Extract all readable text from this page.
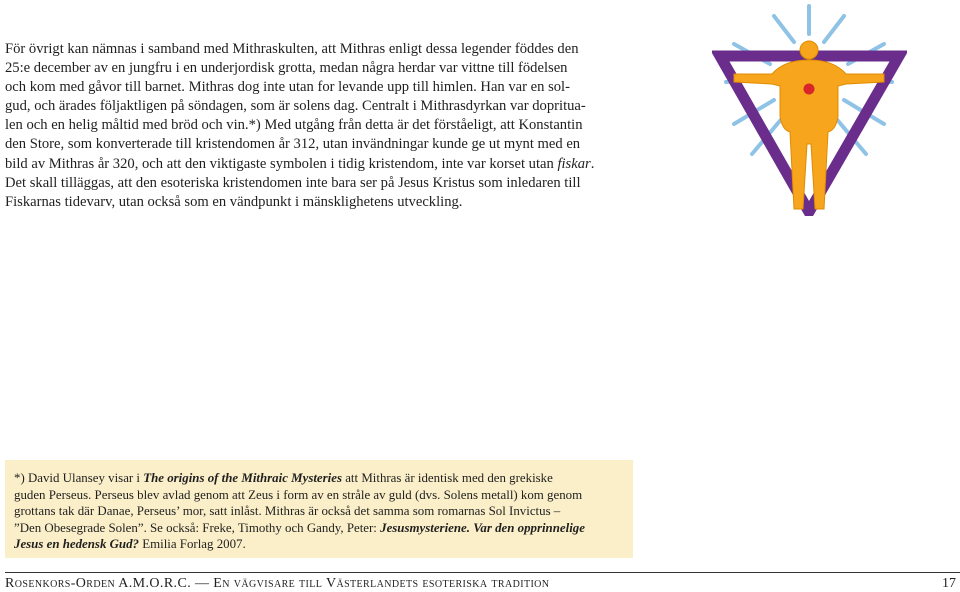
För övrigt kan nämnas i samband med Mithraskulten, att Mithras enligt dessa legender föddes den
25:e december av en jungfru i en underjordisk grotta, medan några herdar var vittne till födelsen
och kom med gåvor till barnet. Mithras dog inte utan for levande upp till himlen. Han var en sol-
gud, och ärades följaktligen på söndagen, som är solens dag. Centralt i Mithrasdyrkan var doprituа-
len och en helig måltid med bröd och vin.*) Med utgång från detta är det förståeligt, att Konstantin
den Store, som konverterade till kristendomen år 312, utan invändningar kunde ge ut mynt med en
bild av Mithras år 320, och att den viktigaste symbolen i tidig kristendom, inte var korset utan fiskar.
Det skall tilläggas, att den esoteriska kristendomen inte bara ser på Jesus Kristus som inledaren till
Fiskarnas tidevarv, utan också som en vändpunkt i mänsklighetens utveckling.
*) David Ulansey visar i The origins of the Mithraic Mysteries att Mithras är identisk med den grekiske
guden Perseus. Perseus blev avlad genom att Zeus i form av en stråle av guld (dvs. Solens metall) kom genom
grottans tak där Danae, Perseus’ mor, satt inlåst. Mithras är också det samma som romarnas Sol Invictus –
”Den Obesegrade Solen”. Se också: Freke, Timothy och Gandy, Peter: Jesusmysteriene. Var den opprinnelige
Jesus en hedensk Gud? Emilia Forlag 2007.
Rosenkors-Orden A.M.O.R.C. — En vägvisare till Västerlandets esoteriska tradition	17
